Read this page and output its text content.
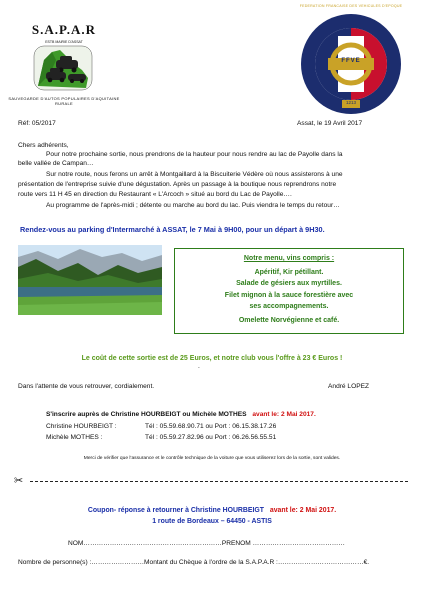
S.A.P.A.R
ESTB MAIRIE D'ASSAT
SAUVEGARDE D'AUTOS POPULAIRES D'AQUITAINE RURALE
FFVE
1213
FEDERATION FRANCAISE DES VEHICULES D'EPOQUE
Réf: 05/2017	Assat, le 19 Avril 2017
Chers adhérents,
Pour notre prochaine sortie, nous prendrons de la hauteur pour nous rendre au lac de Payolle dans la
belle vallée de Campan…
Sur notre route, nous ferons un arrêt à Montgaillard à la Biscuiterie Védère où nous assisterons à une
présentation de l'entreprise suivie d'une dégustation. Après un passage à la boutique nous reprendrons notre
route vers 11 H 45 en direction du Restaurant « L'Arcoch » situé au bord du Lac de Payolle….
Au programme de l'après-midi ; détente ou marche au bord du lac. Puis viendra le temps du retour…
Rendez-vous au parking d'Intermarché à ASSAT, le 7 Mai à 9H00, pour un départ à 9H30.
Notre menu, vins compris :
Apéritif, Kir pétillant.
Salade de gésiers aux myrtilles.
Filet mignon à la sauce forestière avec
ses accompagnements.
Omelette Norvégienne et café.
Le coût de cette sortie est de 25 Euros, et notre club vous l'offre à 23 € Euros !
.
Dans l'attente de vous retrouver, cordialement.	André LOPEZ
S'inscrire auprès de Christine HOURBEIGT ou Michèle MOTHES avant le: 2 Mai 2017.
Christine HOURBEIGT :	Tél : 05.59.68.90.71 ou Port : 06.15.38.17.26
Michèle MOTHES :	Tél : 05.59.27.82.96 ou Port : 06.26.56.55.51
Merci de vérifier que l'assurance et le contrôle technique de la voiture que vous utiliserez lors de la sortie, sont valides.
✂
Coupon- réponse à retourner à Christine HOURBEIGT avant le: 2 Mai 2017.
1 route de Bordeaux – 64450 - ASTIS
NOM………………………………………………………PRENOM ……………………………………
Nombre de personne(s) :……………………Montant du Chèque à l'ordre de la S.A.P.A.R :…………………………………€.
